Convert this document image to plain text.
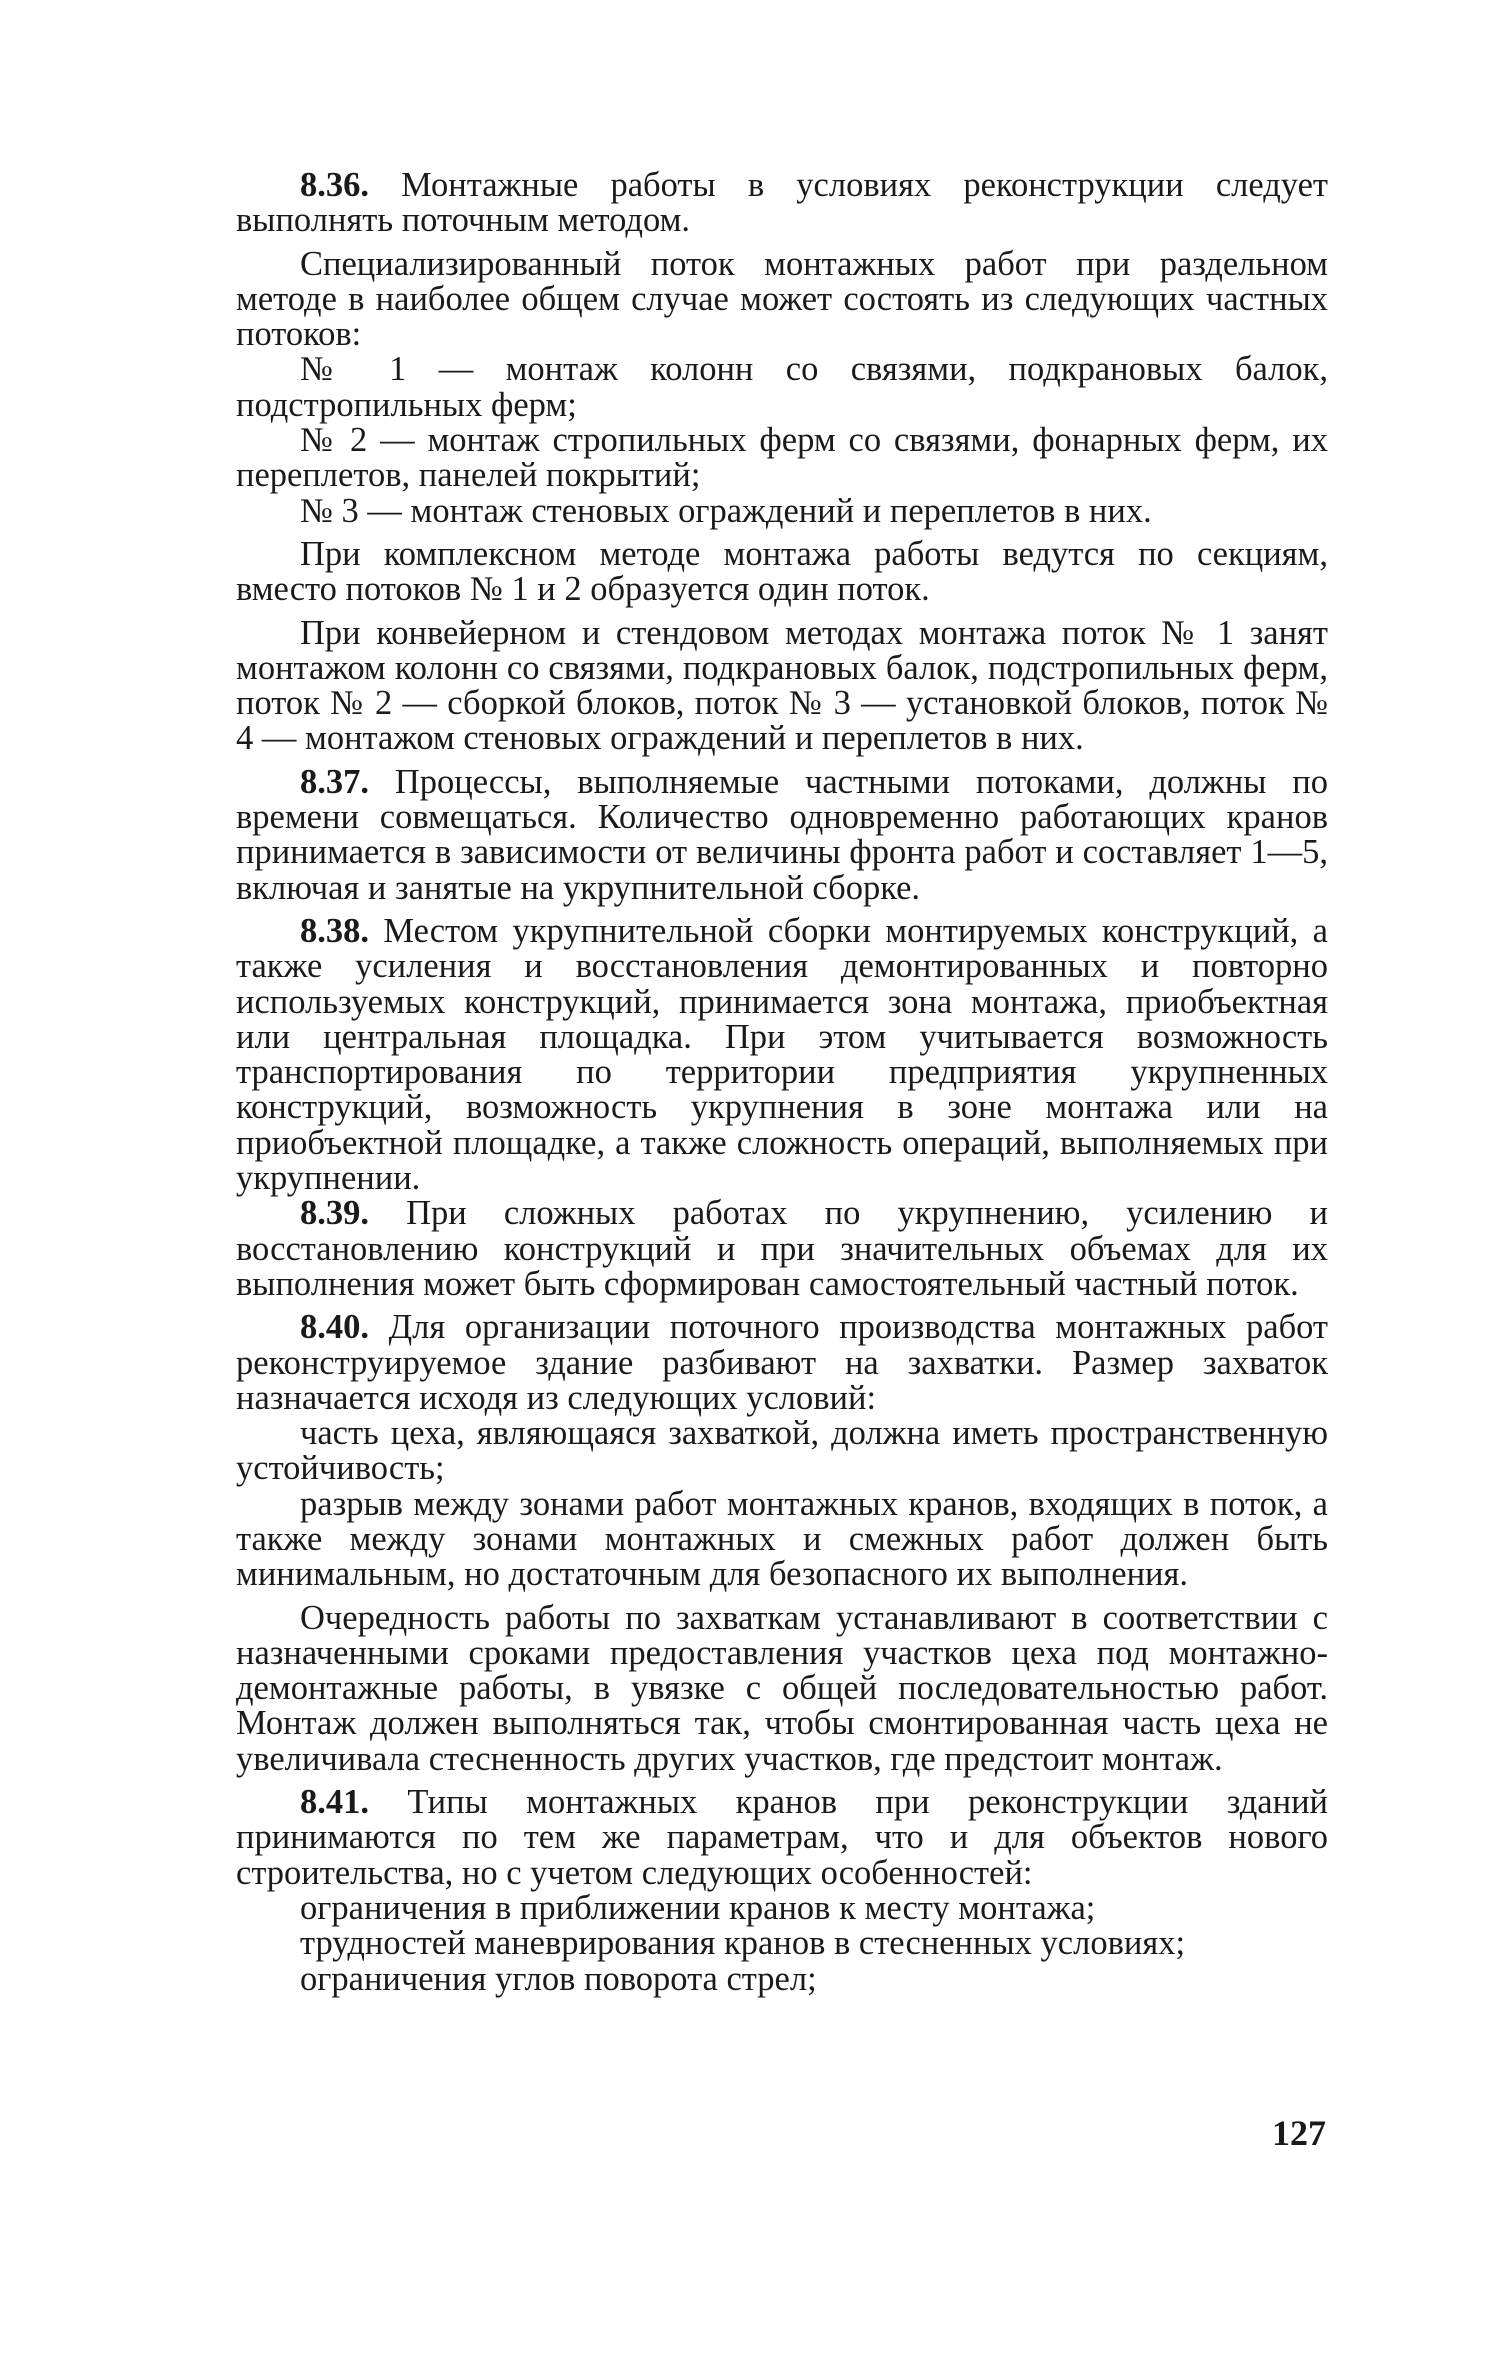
8.36. Монтажные работы в условиях реконструкции следует выполнять поточным методом.

Специализированный поток монтажных работ при раздельном методе в наиболее общем случае может состоять из следующих частных потоков:

№ 1 — монтаж колонн со связями, подкрановых балок, подстропильных ферм;

№ 2 — монтаж стропильных ферм со связями, фонарных ферм, их переплетов, панелей покрытий;

№ 3 — монтаж стеновых ограждений и переплетов в них.

При комплексном методе монтажа работы ведутся по секциям, вместо потоков № 1 и 2 образуется один поток.

При конвейерном и стендовом методах монтажа поток № 1 занят монтажом колонн со связями, подкрановых балок, подстропильных ферм, поток № 2 — сборкой блоков, поток № 3 — установкой блоков, поток № 4 — монтажом стеновых ограждений и переплетов в них.

8.37. Процессы, выполняемые частными потоками, должны по времени совмещаться. Количество одновременно работающих кранов принимается в зависимости от величины фронта работ и составляет 1—5, включая и занятые на укрупнительной сборке.

8.38. Местом укрупнительной сборки монтируемых конструкций, а также усиления и восстановления демонтированных и повторно используемых конструкций, принимается зона монтажа, приобъектная или центральная площадка. При этом учитывается возможность транспортирования по территории предприятия укрупненных конструкций, возможность укрупнения в зоне монтажа или на приобъектной площадке, а также сложность операций, выполняемых при укрупнении.

8.39. При сложных работах по укрупнению, усилению и восстановлению конструкций и при значительных объемах для их выполнения может быть сформирован самостоятельный частный поток.

8.40. Для организации поточного производства монтажных работ реконструируемое здание разбивают на захватки. Размер захваток назначается исходя из следующих условий:

часть цеха, являющаяся захваткой, должна иметь пространственную устойчивость;

разрыв между зонами работ монтажных кранов, входящих в поток, а также между зонами монтажных и смежных работ должен быть минимальным, но достаточным для безопасного их выполнения.

Очередность работы по захваткам устанавливают в соответствии с назначенными сроками предоставления участков цеха под монтажно-демонтажные работы, в увязке с общей последовательностью работ. Монтаж должен выполняться так, чтобы смонтированная часть цеха не увеличивала стесненность других участков, где предстоит монтаж.

8.41. Типы монтажных кранов при реконструкции зданий принимаются по тем же параметрам, что и для объектов нового строительства, но с учетом следующих особенностей:

ограничения в приближении кранов к месту монтажа;

трудностей маневрирования кранов в стесненных условиях;

ограничения углов поворота стрел;

127
